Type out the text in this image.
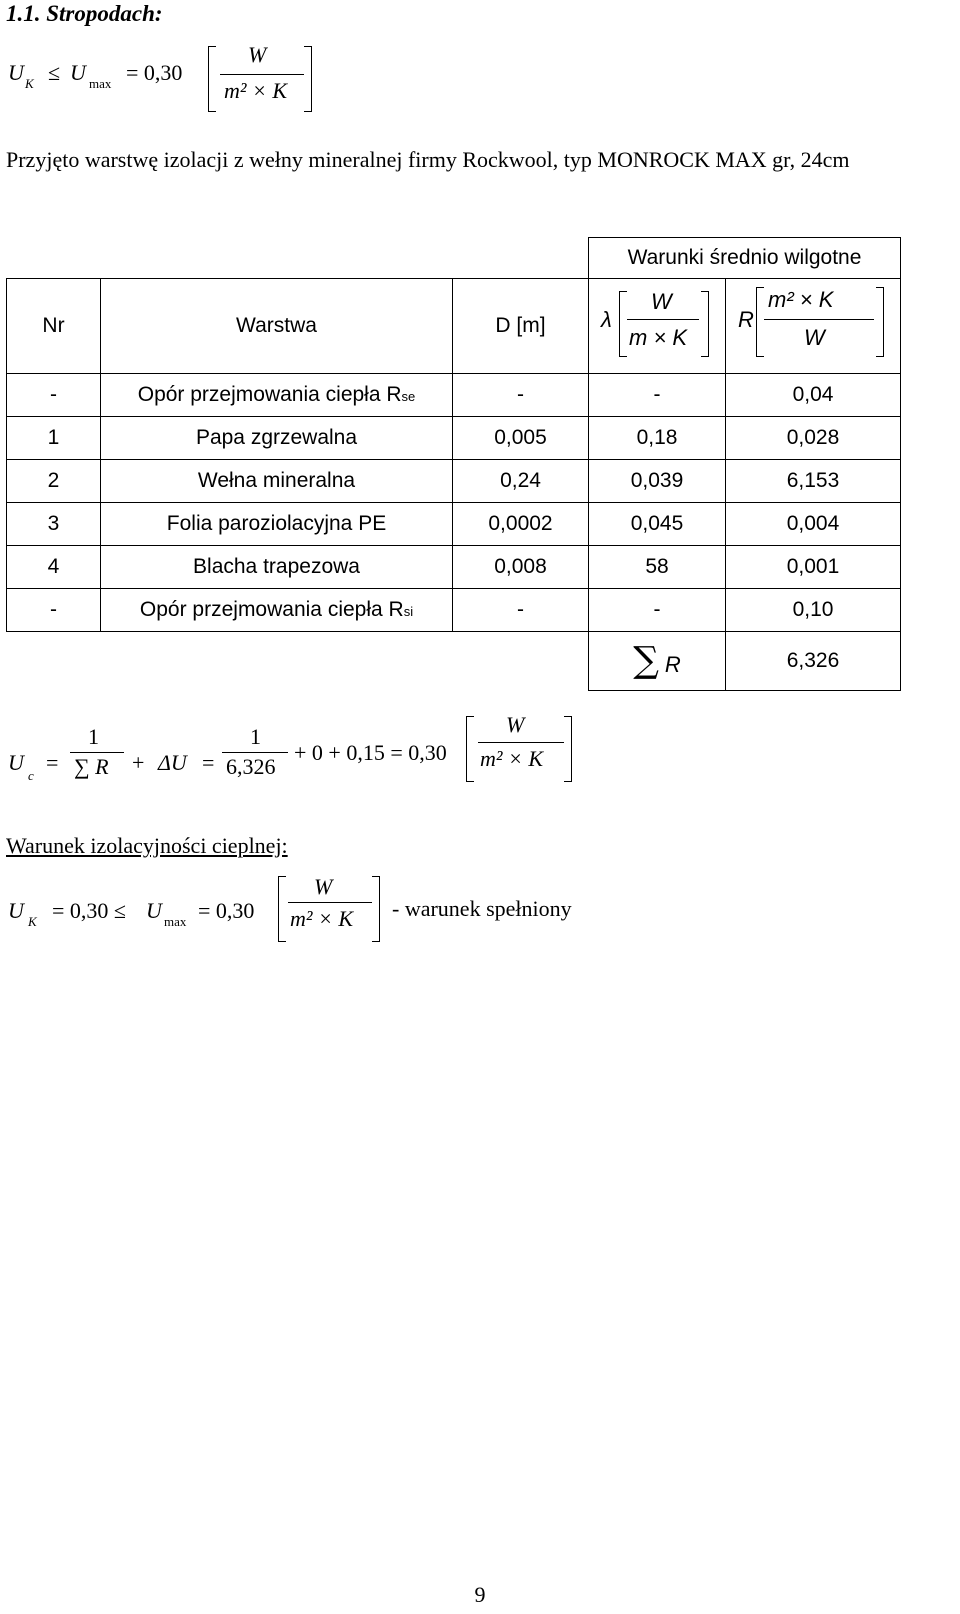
1.1. Stropodach:
U K ≤ U max = 0,30
W
m² × K
Przyjęto warstwę izolacji z wełny mineralnej firmy Rockwool, typ MONROCK MAX gr, 24cm
			Warunki średnio wilgotne	
Nr	Warstwa	D [m]	λ
W
m × K	R
m² × K
W

-	Opór przejmowania ciepła Rse	-	-	0,04
1	Papa zgrzewalna	0,005	0,18	0,028
2	Wełna mineralna	0,24	0,039	6,153
3	Folia paroziolacyjna PE	0,0002	0,045	0,004
4	Blacha trapezowa	0,008	58	0,001
-	Opór przejmowania ciepła Rsi	-	-	0,10
			∑ R	6,326
U
c
=
1
∑ R + ΔU =
1
6,326
+ 0 + 0,15 = 0,30
W
m² × K
Warunek izolacyjności cieplnej:
U K = 0,30 ≤ U max = 0,30
W
m² × K - warunek spełniony
9
